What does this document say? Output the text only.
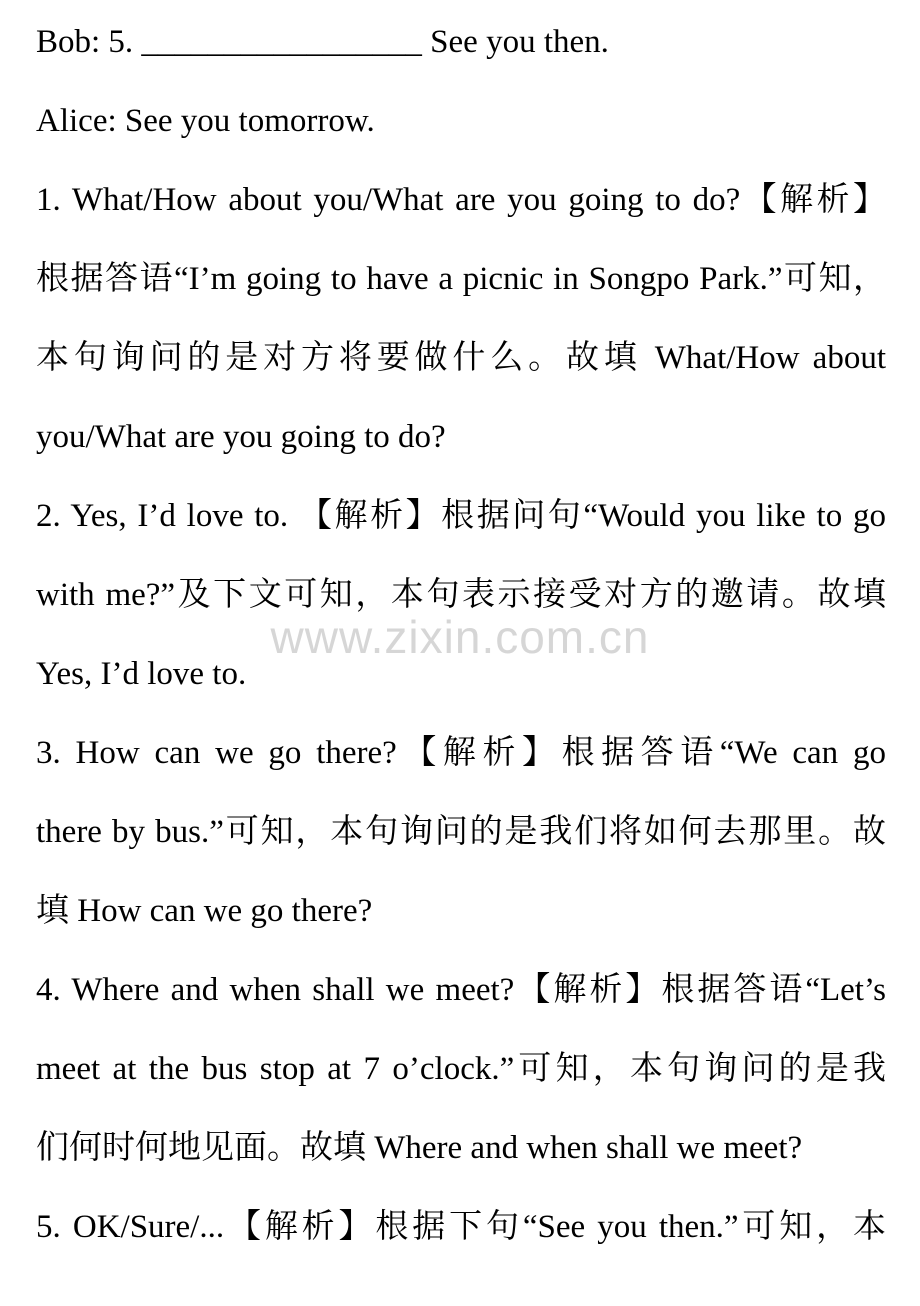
Bob: 5. _________________ See you then.
Alice: See you tomorrow.
1. What/How about you/What are you going to do?【解析】
根据答语“I’m going to have a picnic in Songpo Park.”可知，
本句询问的是对方将要做什么。故填 What/How about
you/What are you going to do?
2. Yes, I’d love to. 【解析】根据问句“Would you like to go
with me?”及下文可知，本句表示接受对方的邀请。故填
Yes, I’d love to.
3. How can we go there?【解析】根据答语“We can go
there by bus.”可知，本句询问的是我们将如何去那里。故
填 How can we go there?
4. Where and when shall we meet?【解析】根据答语“Let’s
meet at the bus stop at 7 o’clock.”可知，本句询问的是我
们何时何地见面。故填 Where and when shall we meet?
5. OK/Sure/...【解析】根据下句“See you then.”可知，本
www.zixin.com.cn
